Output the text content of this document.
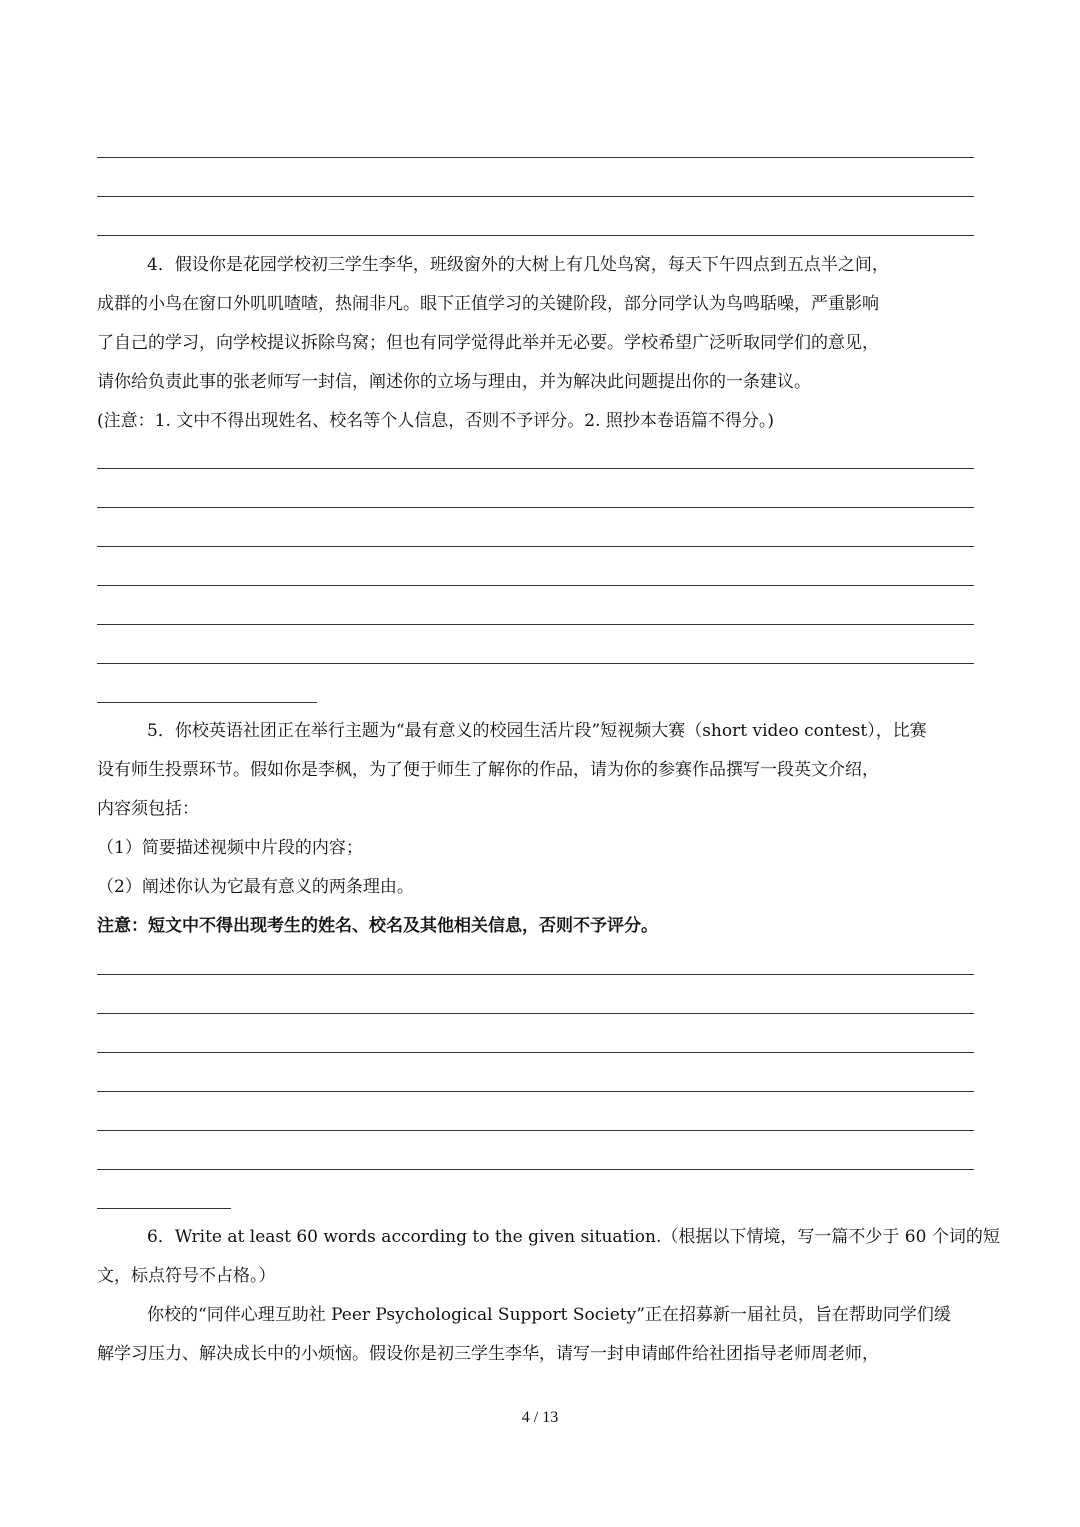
4．假设你是花园学校初三学生李华，班级窗外的大树上有几处鸟窝，每天下午四点到五点半之间，
成群的小鸟在窗口外叽叽喳喳，热闹非凡。眼下正值学习的关键阶段，部分同学认为鸟鸣聒噪，严重影响
了自己的学习，向学校提议拆除鸟窝；但也有同学觉得此举并无必要。学校希望广泛听取同学们的意见，
请你给负责此事的张老师写一封信，阐述你的立场与理由，并为解决此问题提出你的一条建议。
(注意：1. 文中不得出现姓名、校名等个人信息，否则不予评分。2. 照抄本卷语篇不得分。)
5．你校英语社团正在举行主题为“最有意义的校园生活片段”短视频大赛（short video contest），比赛
设有师生投票环节。假如你是李枫，为了便于师生了解你的作品，请为你的参赛作品撰写一段英文介绍，
内容须包括：
（1）简要描述视频中片段的内容；
（2）阐述你认为它最有意义的两条理由。
注意：短文中不得出现考生的姓名、校名及其他相关信息，否则不予评分。
6．Write at least 60 words according to the given situation.（根据以下情境，写一篇不少于 60 个词的短
文，标点符号不占格。）
你校的“同伴心理互助社 Peer Psychological Support Society”正在招募新一届社员，旨在帮助同学们缓
解学习压力、解决成长中的小烦恼。假设你是初三学生李华，请写一封申请邮件给社团指导老师周老师，
4 / 13
